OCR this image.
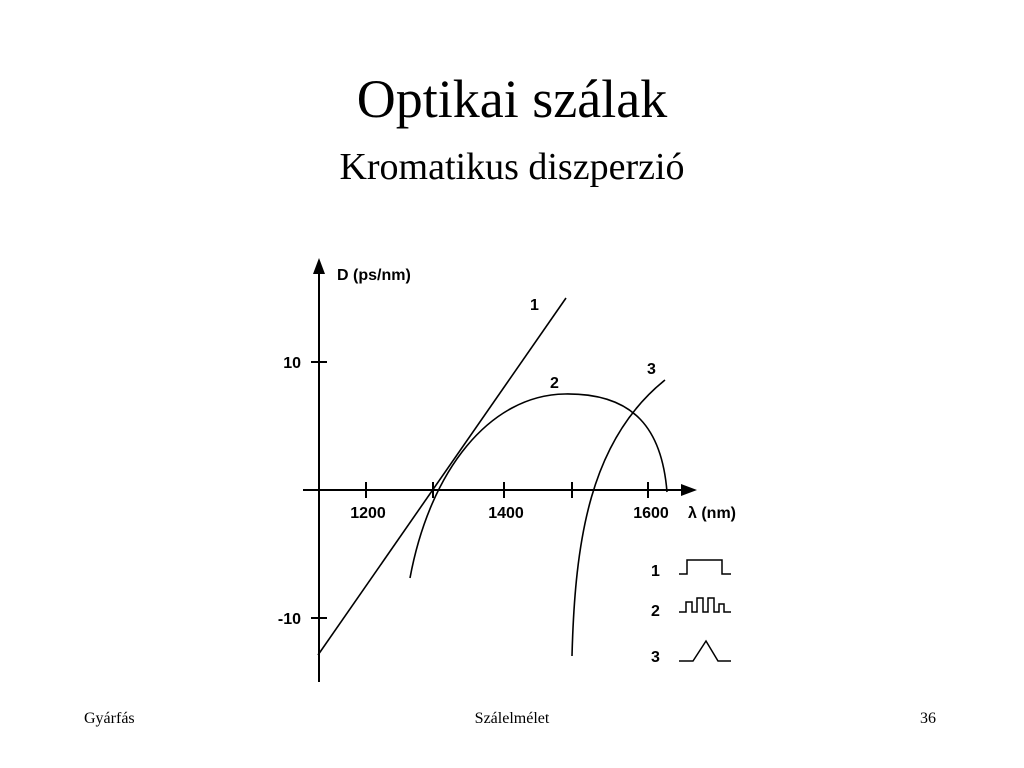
Optikai szálak
Kromatikus diszperzió
D (ps/nm)
10
-10
1200	1400	1600 λ (nm)
1
2
3
1
2
3
Gyárfás	Szálelmélet	36
